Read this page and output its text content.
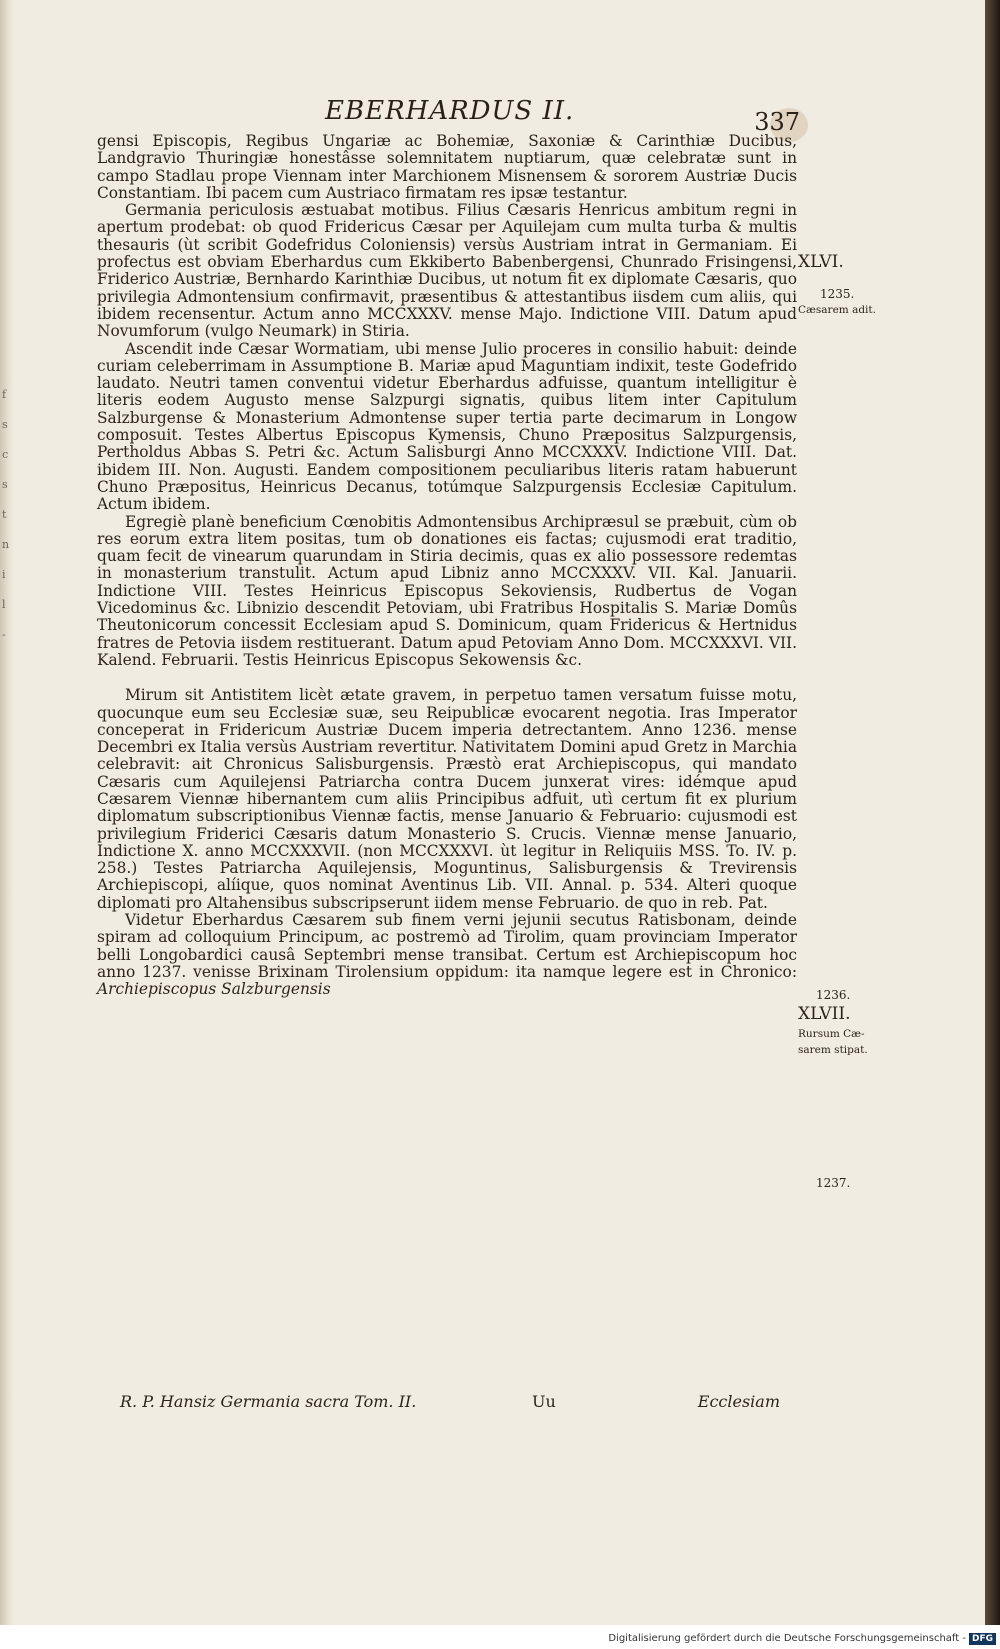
f
s
c
s
t
n
i
l
-
EBERHARDUS II.	337

gensi Episcopis, Regibus Ungariæ ac Bohemiæ, Saxoniæ & Carinthiæ Ducibus, Landgravio Thuringiæ honestâsse solemnitatem nuptiarum, quæ celebratæ sunt in campo Stadlau prope Viennam inter Marchionem Misnensem & sororem Austriæ Ducis Constantiam. Ibi pacem cum Austriaco firmatam res ipsæ testantur.

Germania periculosis æstuabat motibus. Filius Cæsaris Henricus ambitum regni in apertum prodebat: ob quod Fridericus Cæsar per Aquilejam cum multa turba & multis thesauris (ùt scribit Godefridus Coloniensis) versùs Austriam intrat in Germaniam. Ei profectus est obviam Eberhardus cum Ekkiberto Babenbergensi, Chunrado Frisingensi, Friderico Austriæ, Bernhardo Karinthiæ Ducibus, ut notum fit ex diplomate Cæsaris, quo privilegia Admontensium confirmavit, præsentibus & attestantibus iisdem cum aliis, qui ibidem recensentur. Actum anno MCCXXXV. mense Majo. Indictione VIII. Datum apud Novumforum (vulgo Neumark) in Stiria.

Ascendit inde Cæsar Wormatiam, ubi mense Julio proceres in consilio habuit: deinde curiam celeberrimam in Assumptione B. Mariæ apud Maguntiam indixit, teste Godefrido laudato. Neutri tamen conventui videtur Eberhardus adfuisse, quantum intelligitur è literis eodem Augusto mense Salzpurgi signatis, quibus litem inter Capitulum Salzburgense & Monasterium Admontense super tertia parte decimarum in Longow composuit. Testes Albertus Episcopus Kymensis, Chuno Præpositus Salzpurgensis, Pertholdus Abbas S. Petri &c. Actum Salisburgi Anno MCCXXXV. Indictione VIII. Dat. ibidem III. Non. Augusti. Eandem compositionem peculiaribus literis ratam habuerunt Chuno Præpositus, Heinricus Decanus, totúmque Salzpurgensis Ecclesiæ Capitulum. Actum ibidem.

Egregiè planè beneficium Cœnobitis Admontensibus Archipræsul se præbuit, cùm ob res eorum extra litem positas, tum ob donationes eis factas; cujusmodi erat traditio, quam fecit de vinearum quarundam in Stiria decimis, quas ex alio possessore redemtas in monasterium transtulit. Actum apud Libniz anno MCCXXXV. VII. Kal. Januarii. Indictione VIII. Testes Heinricus Episcopus Sekoviensis, Rudbertus de Vogan Vicedominus &c. Libnizio descendit Petoviam, ubi Fratribus Hospitalis S. Mariæ Domûs Theutonicorum concessit Ecclesiam apud S. Dominicum, quam Fridericus & Hertnidus fratres de Petovia iisdem restituerant. Datum apud Petoviam Anno Dom. MCCXXXVI. VII. Kalend. Februarii. Testis Heinricus Episcopus Sekowensis &c.

Mirum sit Antistitem licèt ætate gravem, in perpetuo tamen versatum fuisse motu, quocunque eum seu Ecclesiæ suæ, seu Reipublicæ evocarent negotia. Iras Imperator conceperat in Fridericum Austriæ Ducem imperia detrectantem. Anno 1236. mense Decembri ex Italia versùs Austriam revertitur. Nativitatem Domini apud Gretz in Marchia celebravit: ait Chronicus Salisburgensis. Præstò erat Archiepiscopus, qui mandato Cæsaris cum Aquilejensi Patriarcha contra Ducem junxerat vires: idémque apud Cæsarem Viennæ hibernantem cum aliis Principibus adfuit, utì certum fit ex plurium diplomatum subscriptionibus Viennæ factis, mense Januario & Februario: cujusmodi est privilegium Friderici Cæsaris datum Monasterio S. Crucis. Viennæ mense Januario, Indictione X. anno MCCXXXVII. (non MCCXXXVI. ùt legitur in Reliquiis MSS. To. IV. p. 258.) Testes Patriarcha Aquilejensis, Moguntinus, Salisburgensis & Trevirensis Archiepiscopi, alíique, quos nominat Aventinus Lib. VII. Annal. p. 534. Alteri quoque diplomati pro Altahensibus subscripserunt iidem mense Februario. de quo in reb. Pat.

Videtur Eberhardus Cæsarem sub finem verni jejunii secutus Ratisbonam, deinde spiram ad colloquium Principum, ac postremò ad Tirolim, quam provinciam Imperator belli Longobardici causâ Septembri mense transibat. Certum est Archiepiscopum hoc anno 1237. venisse Brixinam Tirolensium oppidum: ita namque legere est in Chronico: Archiepiscopus Salzburgensis

R. P. Hansiz Germania sacra Tom. II.	Uu	Ecclesiam
XLVI.
1235.
Cæsarem adit.
1236.
XLVII.
Rursum Cæ-
sarem stipat.
1237.
Digitalisierung gefördert durch die Deutsche Forschungsgemeinschaft - DFG
